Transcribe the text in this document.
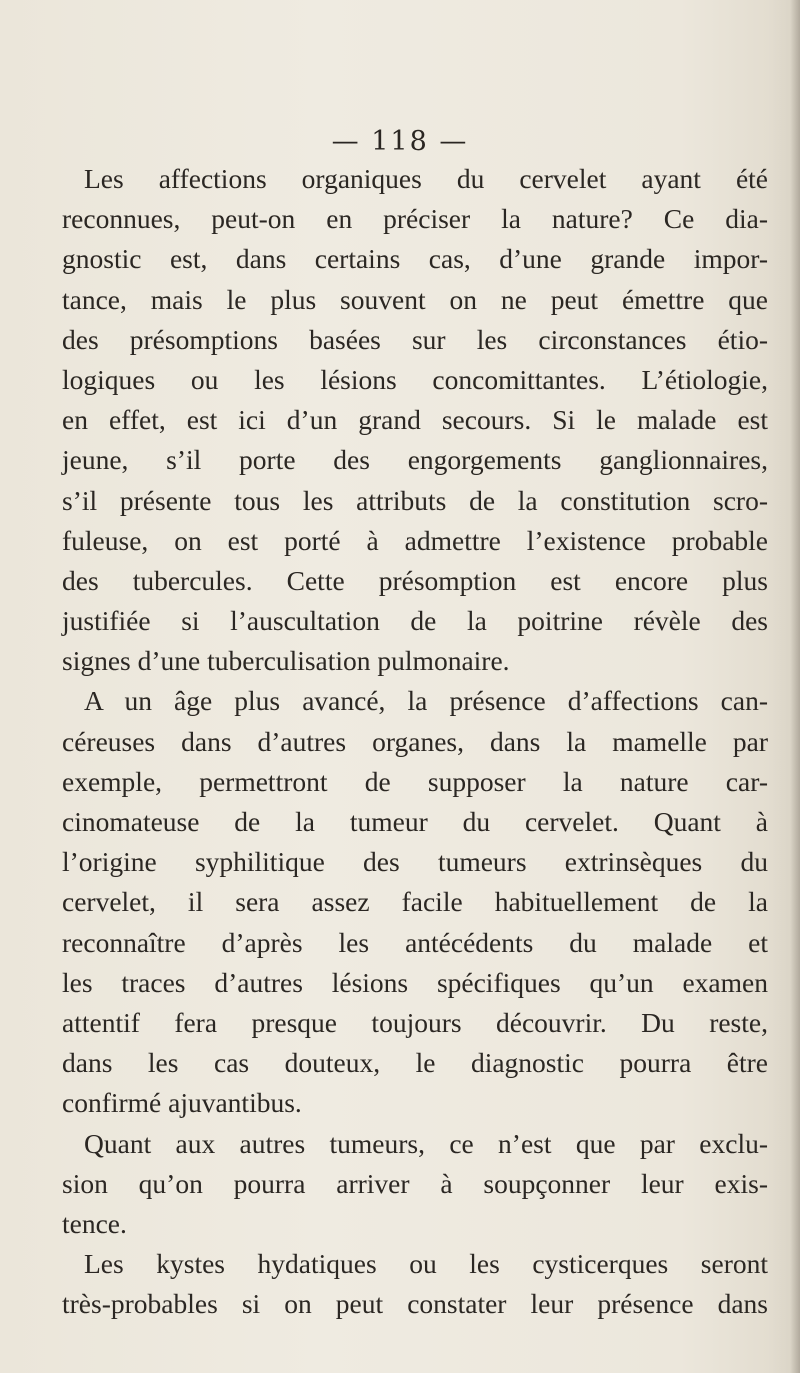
— 118 —
Les affections organiques du cervelet ayant été
reconnues, peut-on en préciser la nature? Ce dia-
gnostic est, dans certains cas, d’une grande impor-
tance, mais le plus souvent on ne peut émettre que
des présomptions basées sur les circonstances étio-
logiques ou les lésions concomittantes. L’étiologie,
en effet, est ici d’un grand secours. Si le malade est
jeune, s’il porte des engorgements ganglionnaires,
s’il présente tous les attributs de la constitution scro-
fuleuse, on est porté à admettre l’existence probable
des tubercules. Cette présomption est encore plus
justifiée si l’auscultation de la poitrine révèle des
signes d’une tuberculisation pulmonaire.
A un âge plus avancé, la présence d’affections can-
céreuses dans d’autres organes, dans la mamelle par
exemple, permettront de supposer la nature car-
cinomateuse de la tumeur du cervelet. Quant à
l’origine syphilitique des tumeurs extrinsèques du
cervelet, il sera assez facile habituellement de la
reconnaître d’après les antécédents du malade et
les traces d’autres lésions spécifiques qu’un examen
attentif fera presque toujours découvrir. Du reste,
dans les cas douteux, le diagnostic pourra être
confirmé ajuvantibus.
Quant aux autres tumeurs, ce n’est que par exclu-
sion qu’on pourra arriver à soupçonner leur exis-
tence.
Les kystes hydatiques ou les cysticerques seront
très-probables si on peut constater leur présence dans
